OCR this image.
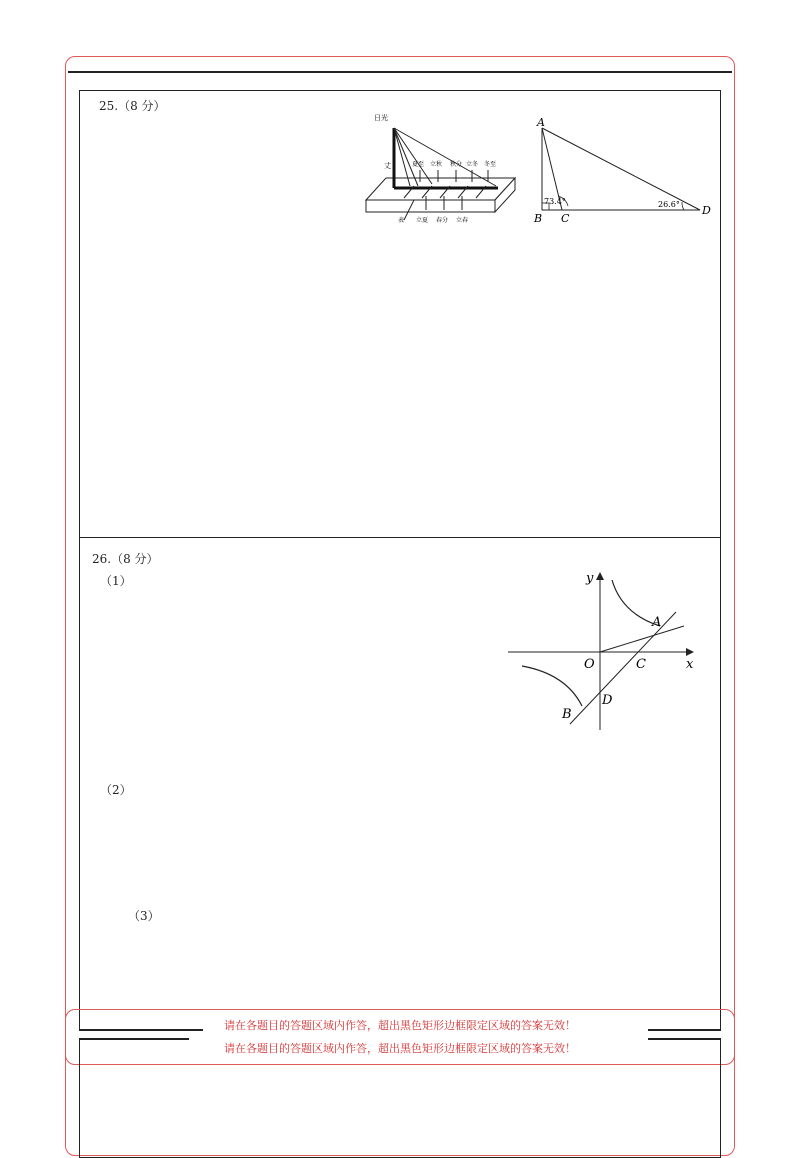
25.（8 分）
日光
丈	夏至 立秋 秋分 立冬 冬至
表 立夏 春分 立春
A
B C
D
73.4°	26.6°
26.（8 分）
（1）
（2）
（3）
y
x
O
A
B
C
D
请在各题目的答题区域内作答，超出黑色矩形边框限定区域的答案无效！
请在各题目的答题区域内作答，超出黑色矩形边框限定区域的答案无效！
